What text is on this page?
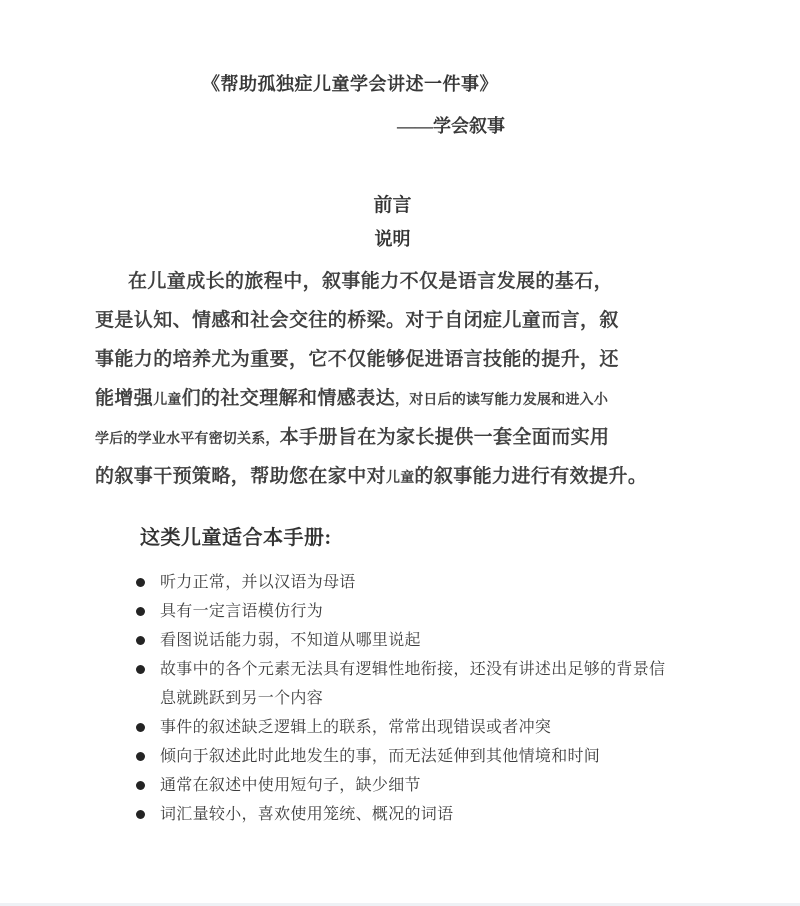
《帮助孤独症儿童学会讲述一件事》
——学会叙事
前言
说明
在儿童成长的旅程中，叙事能力不仅是语言发展的基石，
更是认知、情感和社会交往的桥梁。对于自闭症儿童而言，叙
事能力的培养尤为重要，它不仅能够促进语言技能的提升，还
能增强儿童们的社交理解和情感表达，对日后的读写能力发展和进入小
学后的学业水平有密切关系，本手册旨在为家长提供一套全面而实用
的叙事干预策略，帮助您在家中对儿童的叙事能力进行有效提升。
这类儿童适合本手册:
听力正常，并以汉语为母语
具有一定言语模仿行为
看图说话能力弱，不知道从哪里说起
故事中的各个元素无法具有逻辑性地衔接，还没有讲述出足够的背景信
息就跳跃到另一个内容
事件的叙述缺乏逻辑上的联系，常常出现错误或者冲突
倾向于叙述此时此地发生的事，而无法延伸到其他情境和时间
通常在叙述中使用短句子，缺少细节
词汇量较小，喜欢使用笼统、概况的词语
